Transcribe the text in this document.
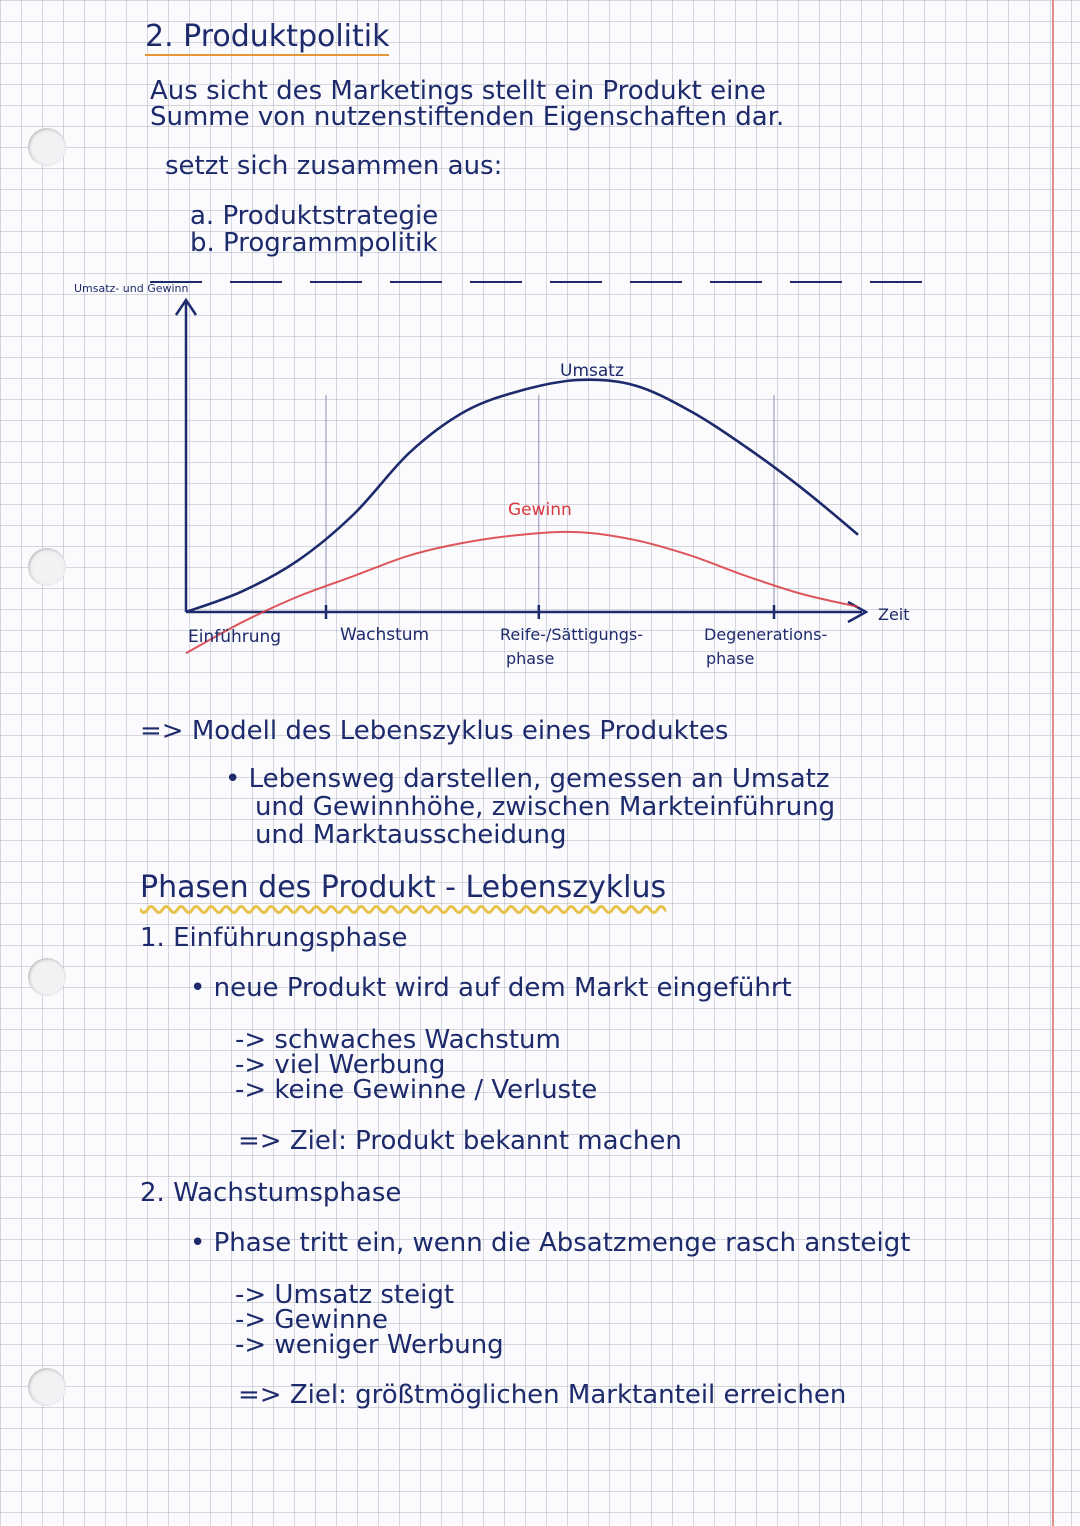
2. Produktpolitik
Aus sicht des Marketings stellt ein Produkt eine
Summe von nutzenstiftenden Eigenschaften dar.
setzt sich zusammen aus:
a. Produktstrategie
b. Programmpolitik
Umsatz- und Gewinn
Zeit
Umsatz
Gewinn
Einführung	Wachstum	Reife-/Sättigungs-
phase
Degenerations-
phase
=> Modell des Lebenszyklus eines Produktes
• Lebensweg darstellen, gemessen an Umsatz
und Gewinnhöhe, zwischen Markteinführung
und Marktausscheidung
Phasen des Produkt - Lebenszyklus
1. Einführungsphase
• neue Produkt wird auf dem Markt eingeführt
-> schwaches Wachstum
-> viel Werbung
-> keine Gewinne / Verluste
=> Ziel: Produkt bekannt machen
2. Wachstumsphase
• Phase tritt ein, wenn die Absatzmenge rasch ansteigt
-> Umsatz steigt
-> Gewinne
-> weniger Werbung
=> Ziel: größtmöglichen Marktanteil erreichen
